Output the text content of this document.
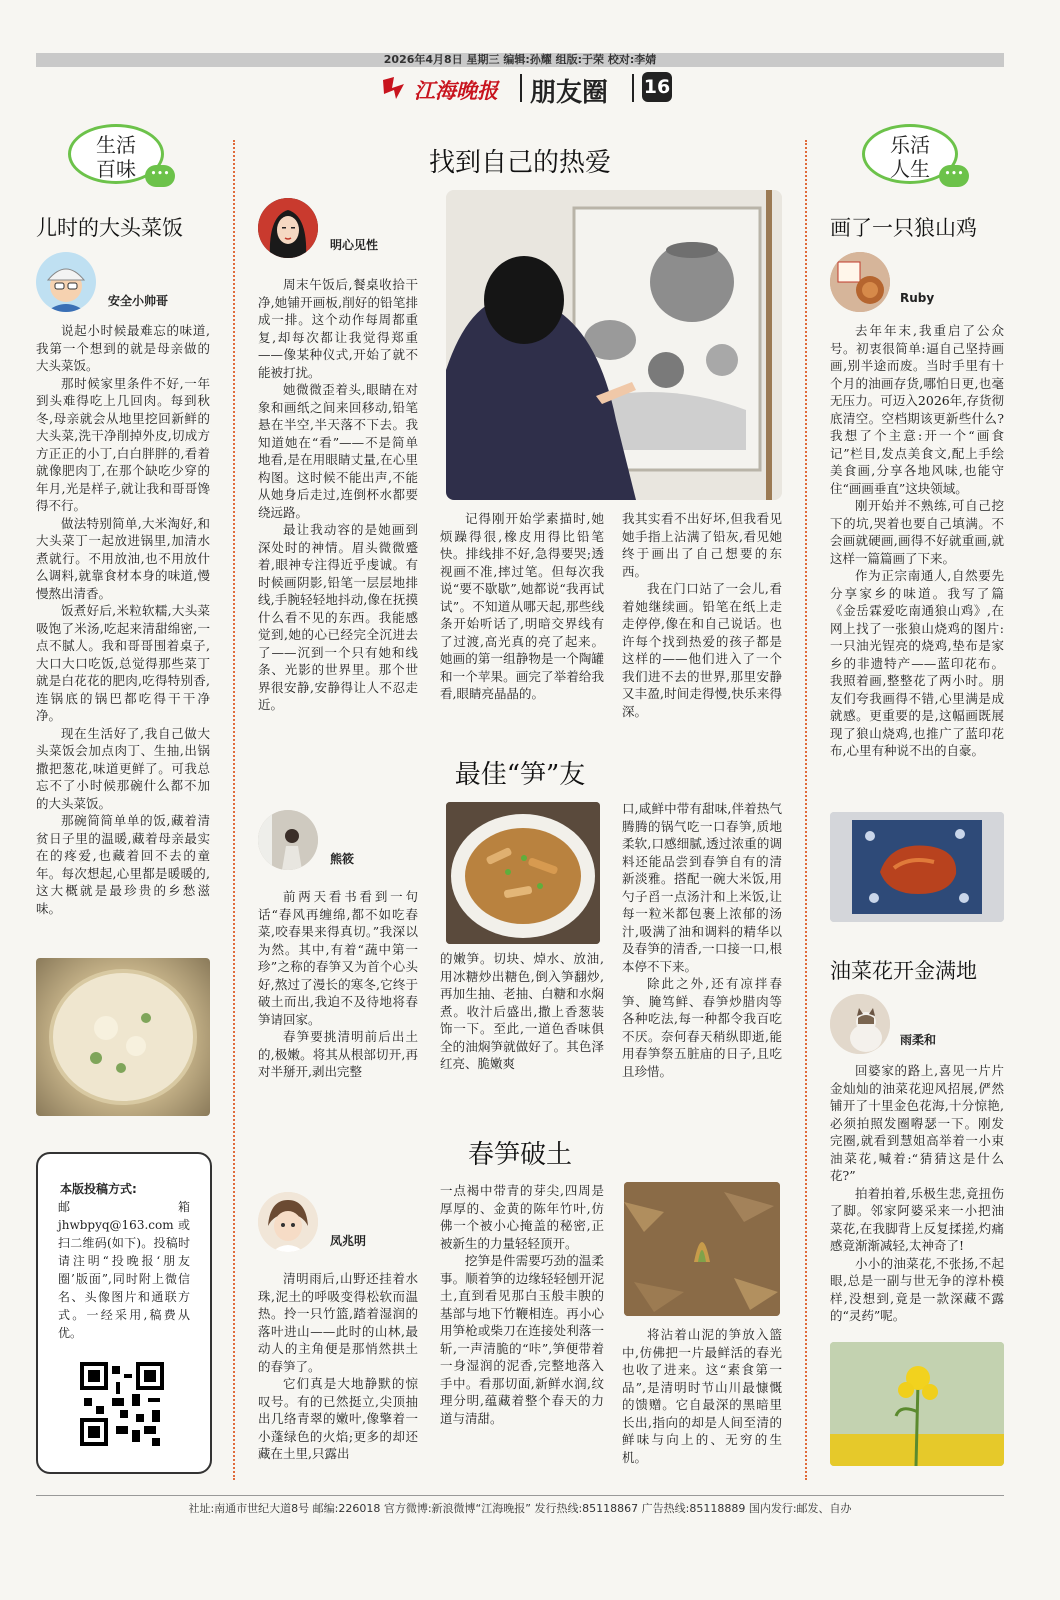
2026年4月8日 星期三 编辑:孙耀 组版:于荣 校对:李婧
江海晚报 朋友圈 16
生活
百味	•••
儿时的大头菜饭
安全小帅哥

说起小时候最难忘的味道,我第一个想到的就是母亲做的大头菜饭。

那时候家里条件不好,一年到头难得吃上几回肉。每到秋冬,母亲就会从地里挖回新鲜的大头菜,洗干净削掉外皮,切成方方正正的小丁,白白胖胖的,看着就像肥肉丁,在那个缺吃少穿的年月,光是样子,就让我和哥哥馋得不行。

做法特别简单,大米淘好,和大头菜丁一起放进锅里,加清水煮就行。不用放油,也不用放什么调料,就靠食材本身的味道,慢慢熬出清香。

饭煮好后,米粒软糯,大头菜吸饱了米汤,吃起来清甜绵密,一点不腻人。我和哥哥围着桌子,大口大口吃饭,总觉得那些菜丁就是白花花的肥肉,吃得特别香,连锅底的锅巴都吃得干干净净。

现在生活好了,我自己做大头菜饭会加点肉丁、生抽,出锅撒把葱花,味道更鲜了。可我总忘不了小时候那碗什么都不加的大头菜饭。

那碗简简单单的饭,藏着清贫日子里的温暖,藏着母亲最实在的疼爱,也藏着回不去的童年。每次想起,心里都是暖暖的,这大概就是最珍贵的乡愁滋味。

本版投稿方式:
邮箱 jhwbpyq@163.com 或扫二维码(如下)。投稿时请注明“投晚报‘朋友圈’版面”,同时附上微信名、头像图片和通联方式。一经采用,稿费从优。
找到自己的热爱
明心见性

周末午饭后,餐桌收拾干净,她铺开画板,削好的铅笔排成一排。这个动作每周都重复,却每次都让我觉得郑重——像某种仪式,开始了就不能被打扰。

她微微歪着头,眼睛在对象和画纸之间来回移动,铅笔悬在半空,半天落不下去。我知道她在“看”——不是简单地看,是在用眼睛丈量,在心里构图。这时候不能出声,不能从她身后走过,连倒杯水都要绕远路。

最让我动容的是她画到深处时的神情。眉头微微蹙着,眼神专注得近乎虔诚。有时候画阴影,铅笔一层层地排线,手腕轻轻地抖动,像在抚摸什么看不见的东西。我能感觉到,她的心已经完全沉进去了——沉到一个只有她和线条、光影的世界里。那个世界很安静,安静得让人不忍走近。

记得刚开始学素描时,她烦躁得很,橡皮用得比铅笔快。排线排不好,急得要哭;透视画不准,摔过笔。但每次我说“要不歇歇”,她都说“我再试试”。不知道从哪天起,那些线条开始听话了,明暗交界线有了过渡,高光真的亮了起来。她画的第一组静物是一个陶罐和一个苹果。画完了举着给我看,眼睛亮晶晶的。

我其实看不出好坏,但我看见她手指上沾满了铅灰,看见她终于画出了自己想要的东西。

我在门口站了一会儿,看着她继续画。铅笔在纸上走走停停,像在和自己说话。也许每个找到热爱的孩子都是这样的——他们进入了一个我们进不去的世界,那里安静又丰盈,时间走得慢,快乐来得深。

最佳“笋”友
熊筱

前两天看书看到一句话“春风再缠绵,都不如吃春菜,咬春果来得真切。”我深以为然。其中,有着“蔬中第一珍”之称的春笋又为首个心头好,熬过了漫长的寒冬,它终于破土而出,我迫不及待地将春笋请回家。

春笋要挑清明前后出土的,极嫩。将其从根部切开,再对半掰开,剥出完整

的嫩笋。切块、焯水、放油,用冰糖炒出糖色,倒入笋翻炒,再加生抽、老抽、白糖和水焖煮。收汁后盛出,撒上香葱装饰一下。至此,一道色香味俱全的油焖笋就做好了。其色泽红亮、脆嫩爽

口,咸鲜中带有甜味,伴着热气腾腾的锅气吃一口春笋,质地柔软,口感细腻,透过浓重的调料还能品尝到春笋自有的清新淡雅。搭配一碗大米饭,用勺子舀一点汤汁和上米饭,让每一粒米都包裹上浓郁的汤汁,吸满了油和调料的精华以及春笋的清香,一口接一口,根本停不下来。

除此之外,还有凉拌春笋、腌笃鲜、春笋炒腊肉等各种吃法,每一种都令我百吃不厌。奈何春天稍纵即逝,能用春笋祭五脏庙的日子,且吃且珍惜。

春笋破土
凤兆明

清明雨后,山野还挂着水珠,泥土的呼吸变得松软而温热。拎一只竹篮,踏着湿润的落叶进山——此时的山林,最动人的主角便是那悄然拱土的春笋了。

它们真是大地静默的惊叹号。有的已然挺立,尖顶抽出几络青翠的嫩叶,像擎着一小蓬绿色的火焰;更多的却还藏在土里,只露出

一点褐中带青的芽尖,四周是厚厚的、金黄的陈年竹叶,仿佛一个被小心掩盖的秘密,正被新生的力量轻轻顶开。

挖笋是件需要巧劲的温柔事。顺着笋的边缘轻轻刨开泥土,直到看见那白玉般丰腴的基部与地下竹鞭相连。再小心用笋枪或柴刀在连接处利落一斩,一声清脆的“咔”,笋便带着一身湿润的泥香,完整地落入手中。看那切面,新鲜水润,纹理分明,蕴藏着整个春天的力道与清甜。

将沾着山泥的笋放入篮中,仿佛把一片最鲜活的春光也收了进来。这“素食第一品”,是清明时节山川最慷慨的馈赠。它自最深的黑暗里长出,指向的却是人间至清的鲜味与向上的、无穷的生机。

乐活
人生	•••
画了一只狼山鸡
Ruby

去年年末,我重启了公众号。初衷很简单:逼自己坚持画画,别半途而废。当时手里有十个月的油画存货,哪怕日更,也毫无压力。可迈入2026年,存货彻底清空。空档期该更新些什么?我想了个主意:开一个“画食记”栏目,发点美食文,配上手绘美食画,分享各地风味,也能守住“画画垂直”这块领域。

刚开始并不熟练,可自己挖下的坑,哭着也要自己填满。不会画就硬画,画得不好就重画,就这样一篇篇画了下来。

作为正宗南通人,自然要先分享家乡的味道。我写了篇《金岳霖爱吃南通狼山鸡》,在网上找了一张狼山烧鸡的图片:一只油光锃亮的烧鸡,垫布是家乡的非遗特产——蓝印花布。我照着画,整整花了两小时。朋友们夸我画得不错,心里满是成就感。更重要的是,这幅画既展现了狼山烧鸡,也推广了蓝印花布,心里有种说不出的自豪。

油菜花开金满地
雨柔和

回婆家的路上,喜见一片片金灿灿的油菜花迎风招展,俨然铺开了十里金色花海,十分惊艳,必须拍照发圈嘚瑟一下。刚发完圈,就看到慧姐高举着一小束油菜花,喊着:“猜猜这是什么花?”

拍着拍着,乐极生悲,竟扭伤了脚。邻家阿婆采来一小把油菜花,在我脚背上反复揉搓,灼痛感竟渐渐减轻,太神奇了!

小小的油菜花,不张扬,不起眼,总是一副与世无争的淳朴模样,没想到,竟是一款深藏不露的“灵药”呢。

社址:南通市世纪大道8号 邮编:226018 官方微博:新浪微博“江海晚报” 发行热线:85118867 广告热线:85118889 国内发行:邮发、自办
